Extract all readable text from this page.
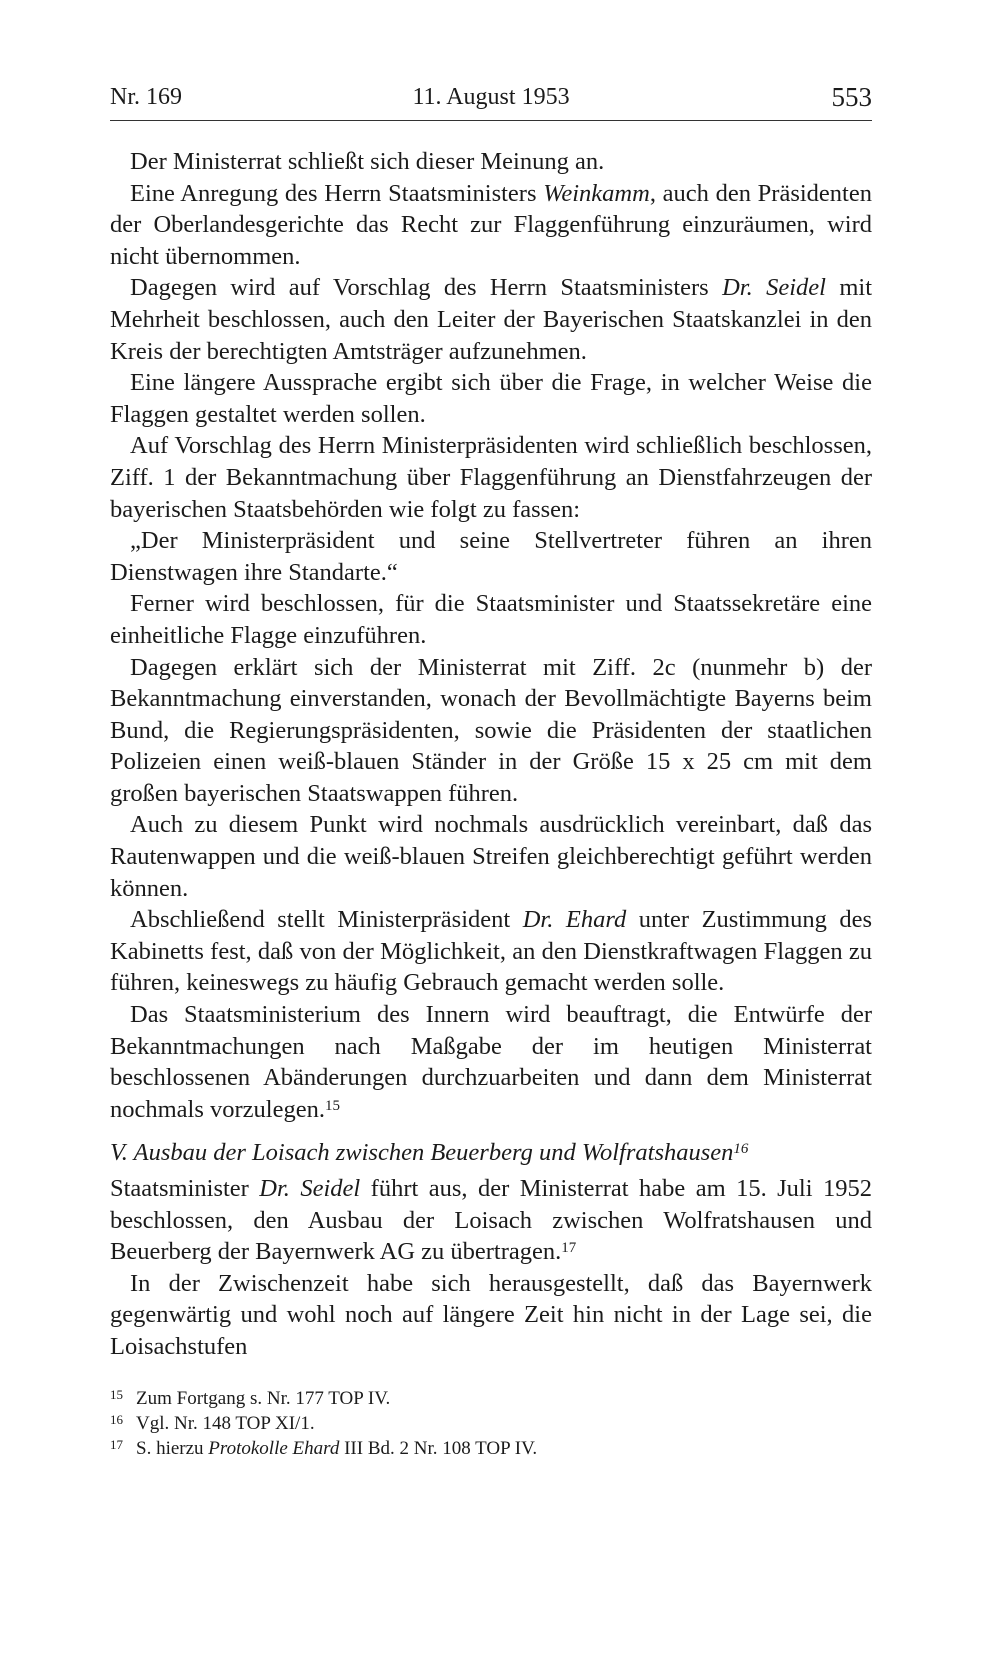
Nr. 169	11. August 1953	553

Der Ministerrat schließt sich dieser Meinung an.

Eine Anregung des Herrn Staatsministers Weinkamm, auch den Präsidenten der Oberlandesgerichte das Recht zur Flaggenführung einzuräumen, wird nicht übernommen.

Dagegen wird auf Vorschlag des Herrn Staatsministers Dr. Seidel mit Mehrheit beschlossen, auch den Leiter der Bayerischen Staatskanzlei in den Kreis der berechtigten Amtsträger aufzunehmen.

Eine längere Aussprache ergibt sich über die Frage, in welcher Weise die Flaggen gestaltet werden sollen.

Auf Vorschlag des Herrn Ministerpräsidenten wird schließlich beschlossen, Ziff. 1 der Bekanntmachung über Flaggenführung an Dienstfahrzeugen der bayerischen Staatsbehörden wie folgt zu fassen:

„Der Ministerpräsident und seine Stellvertreter führen an ihren Dienstwagen ihre Standarte.“

Ferner wird beschlossen, für die Staatsminister und Staatssekretäre eine einheitliche Flagge einzuführen.

Dagegen erklärt sich der Ministerrat mit Ziff. 2c (nunmehr b) der Bekanntmachung einverstanden, wonach der Bevollmächtigte Bayerns beim Bund, die Regierungspräsidenten, sowie die Präsidenten der staatlichen Polizeien einen weiß-blauen Ständer in der Größe 15 x 25 cm mit dem großen bayerischen Staatswappen führen.

Auch zu diesem Punkt wird nochmals ausdrücklich vereinbart, daß das Rautenwappen und die weiß-blauen Streifen gleichberechtigt geführt werden können.

Abschließend stellt Ministerpräsident Dr. Ehard unter Zustimmung des Kabinetts fest, daß von der Möglichkeit, an den Dienstkraftwagen Flaggen zu führen, keineswegs zu häufig Gebrauch gemacht werden solle.

Das Staatsministerium des Innern wird beauftragt, die Entwürfe der Bekanntmachungen nach Maßgabe der im heutigen Ministerrat beschlossenen Abänderungen durchzuarbeiten und dann dem Ministerrat nochmals vorzulegen.$^{15}$

V. Ausbau der Loisach zwischen Beuerberg und Wolfratshausen$^{16}$

Staatsminister Dr. Seidel führt aus, der Ministerrat habe am 15. Juli 1952 beschlossen, den Ausbau der Loisach zwischen Wolfratshausen und Beuerberg der Bayernwerk AG zu übertragen.$^{17}$

In der Zwischenzeit habe sich herausgestellt, daß das Bayernwerk gegenwärtig und wohl noch auf längere Zeit hin nicht in der Lage sei, die Loisachstufen

15 Zum Fortgang s. Nr. 177 TOP IV.
16 Vgl. Nr. 148 TOP XI/1.
17 S. hierzu Protokolle Ehard III Bd. 2 Nr. 108 TOP IV.
